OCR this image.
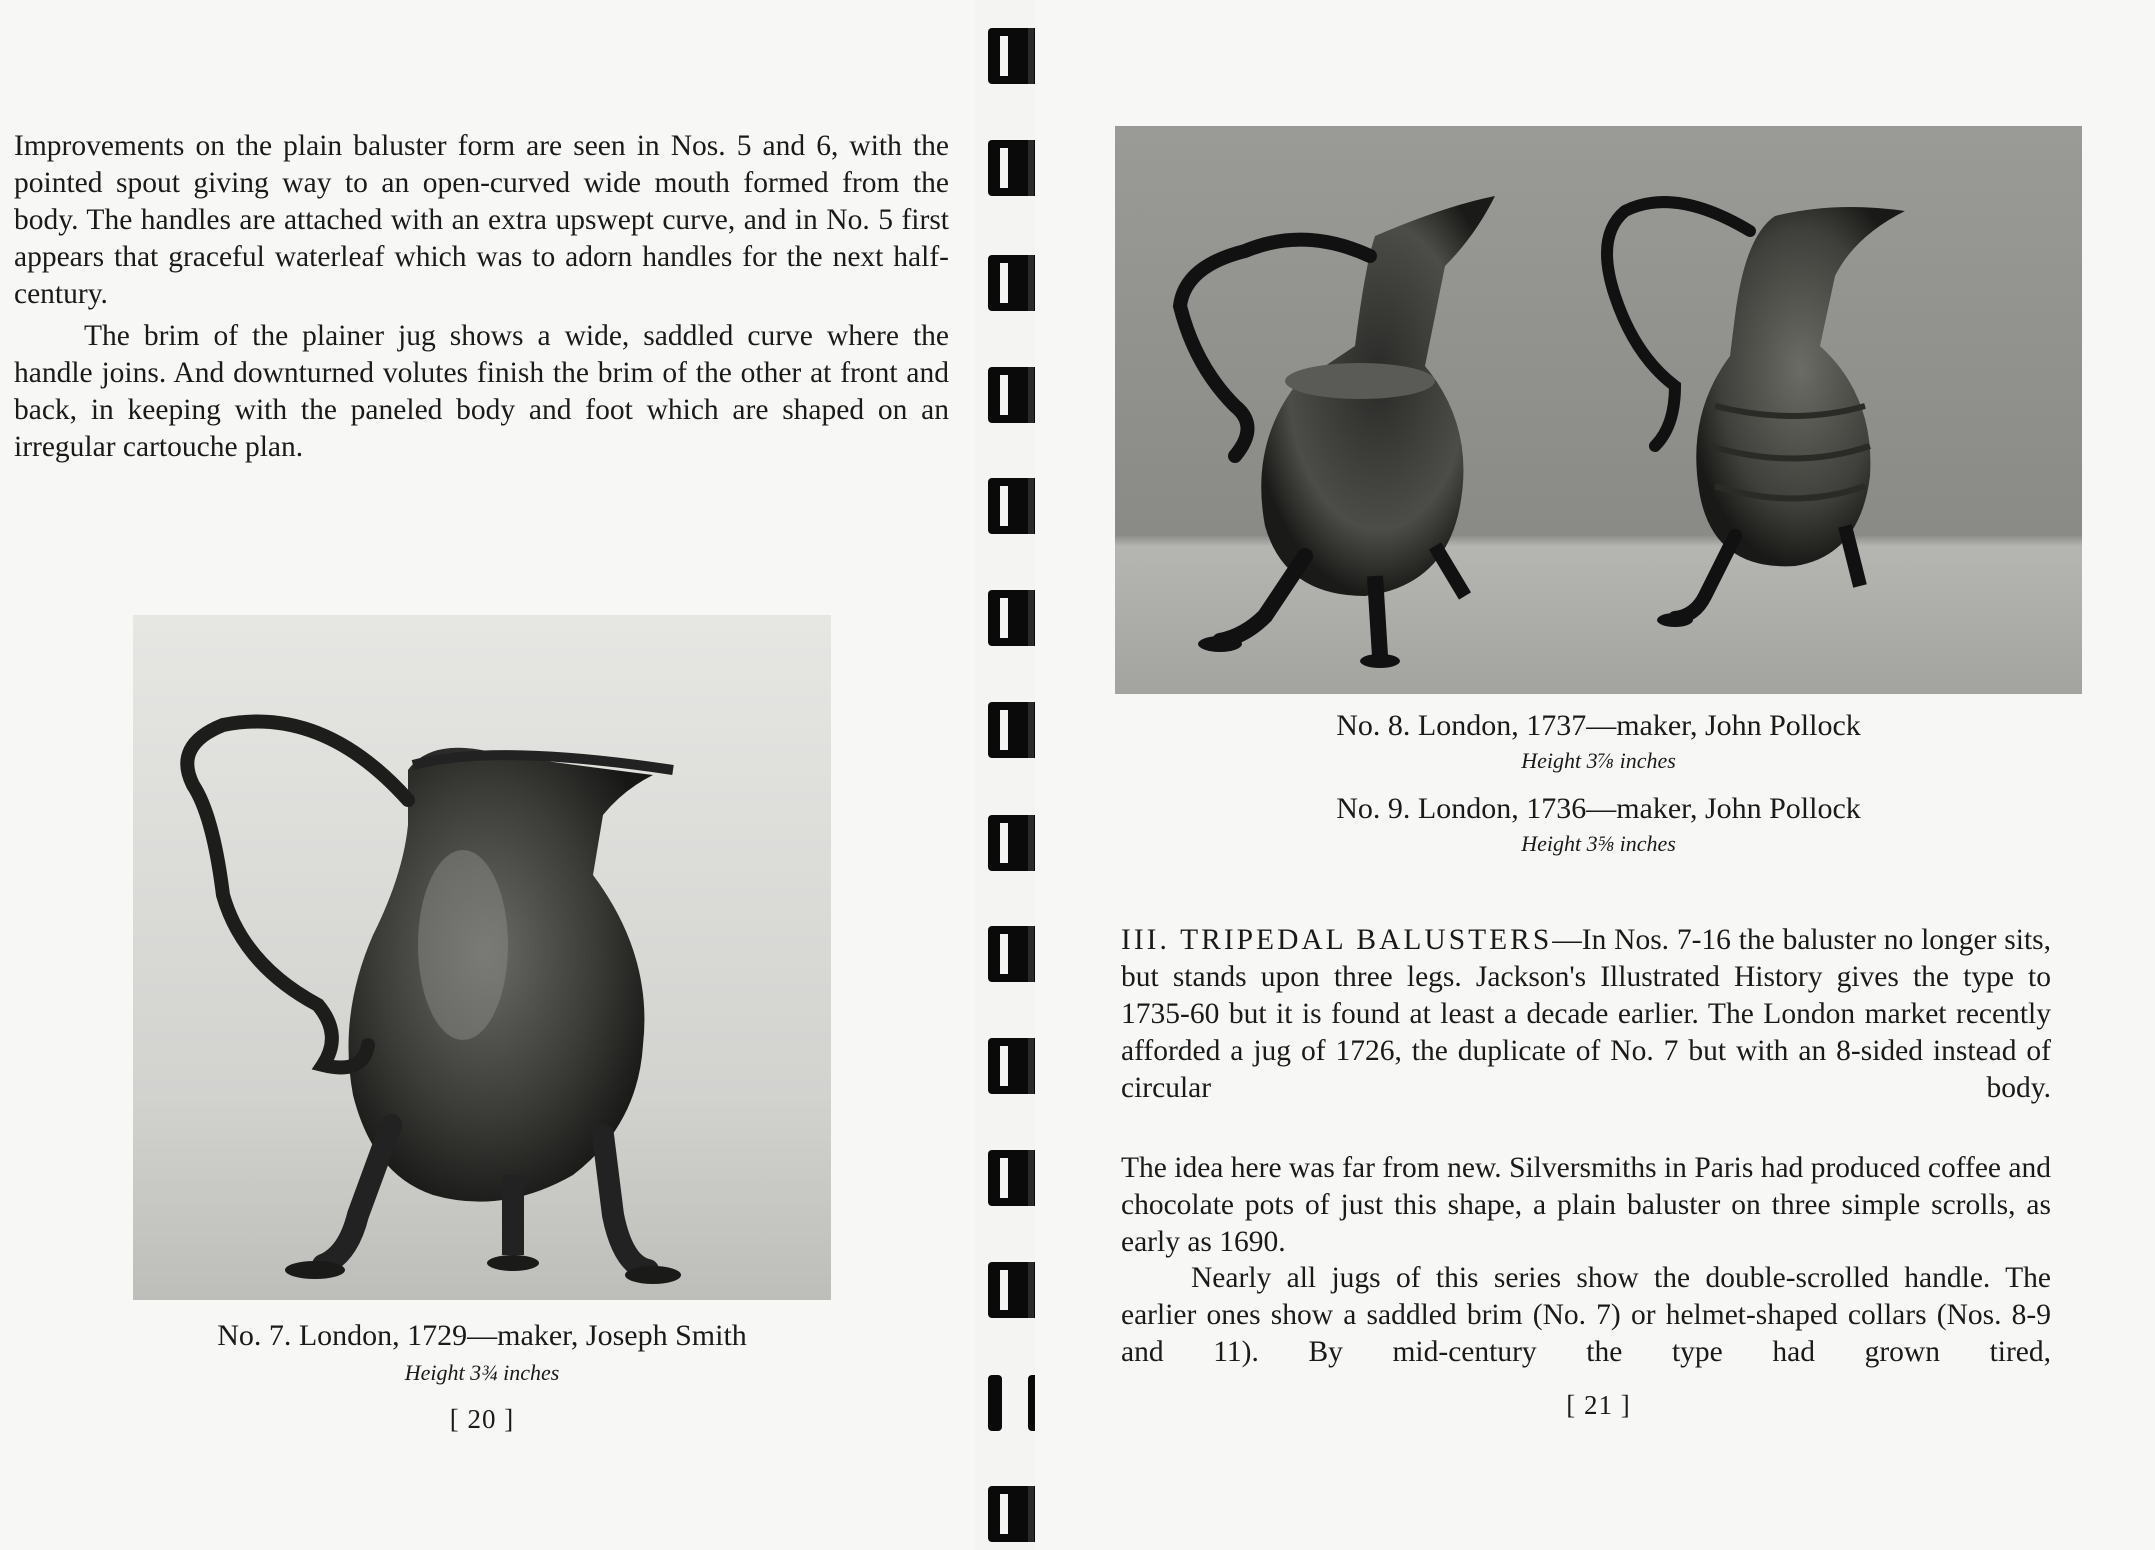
Improvements on the plain baluster form are seen in Nos. 5 and 6, with the pointed spout giving way to an open-curved wide mouth formed from the body. The handles are attached with an extra upswept curve, and in No. 5 first appears that graceful waterleaf which was to adorn handles for the next half-century.

The brim of the plainer jug shows a wide, saddled curve where the handle joins. And downturned volutes finish the brim of the other at front and back, in keeping with the paneled body and foot which are shaped on an irregular cartouche plan.

No. 7. London, 1729—maker, Joseph Smith

Height 3¾ inches

[ 20 ]

No. 8. London, 1737—maker, John Pollock

Height 3⅞ inches

No. 9. London, 1736—maker, John Pollock

Height 3⅝ inches

III. TRIPEDAL BALUSTERS—In Nos. 7-16 the baluster no longer sits, but stands upon three legs. Jackson's Illustrated History gives the type to 1735-60 but it is found at least a decade earlier. The London market recently afforded a jug of 1726, the duplicate of No. 7 but with an 8-sided instead of circular body.

The idea here was far from new. Silversmiths in Paris had produced coffee and chocolate pots of just this shape, a plain baluster on three simple scrolls, as early as 1690.

Nearly all jugs of this series show the double-scrolled handle. The earlier ones show a saddled brim (No. 7) or helmet-shaped collars (Nos. 8-9 and 11). By mid-century the type had grown tired,

[ 21 ]
